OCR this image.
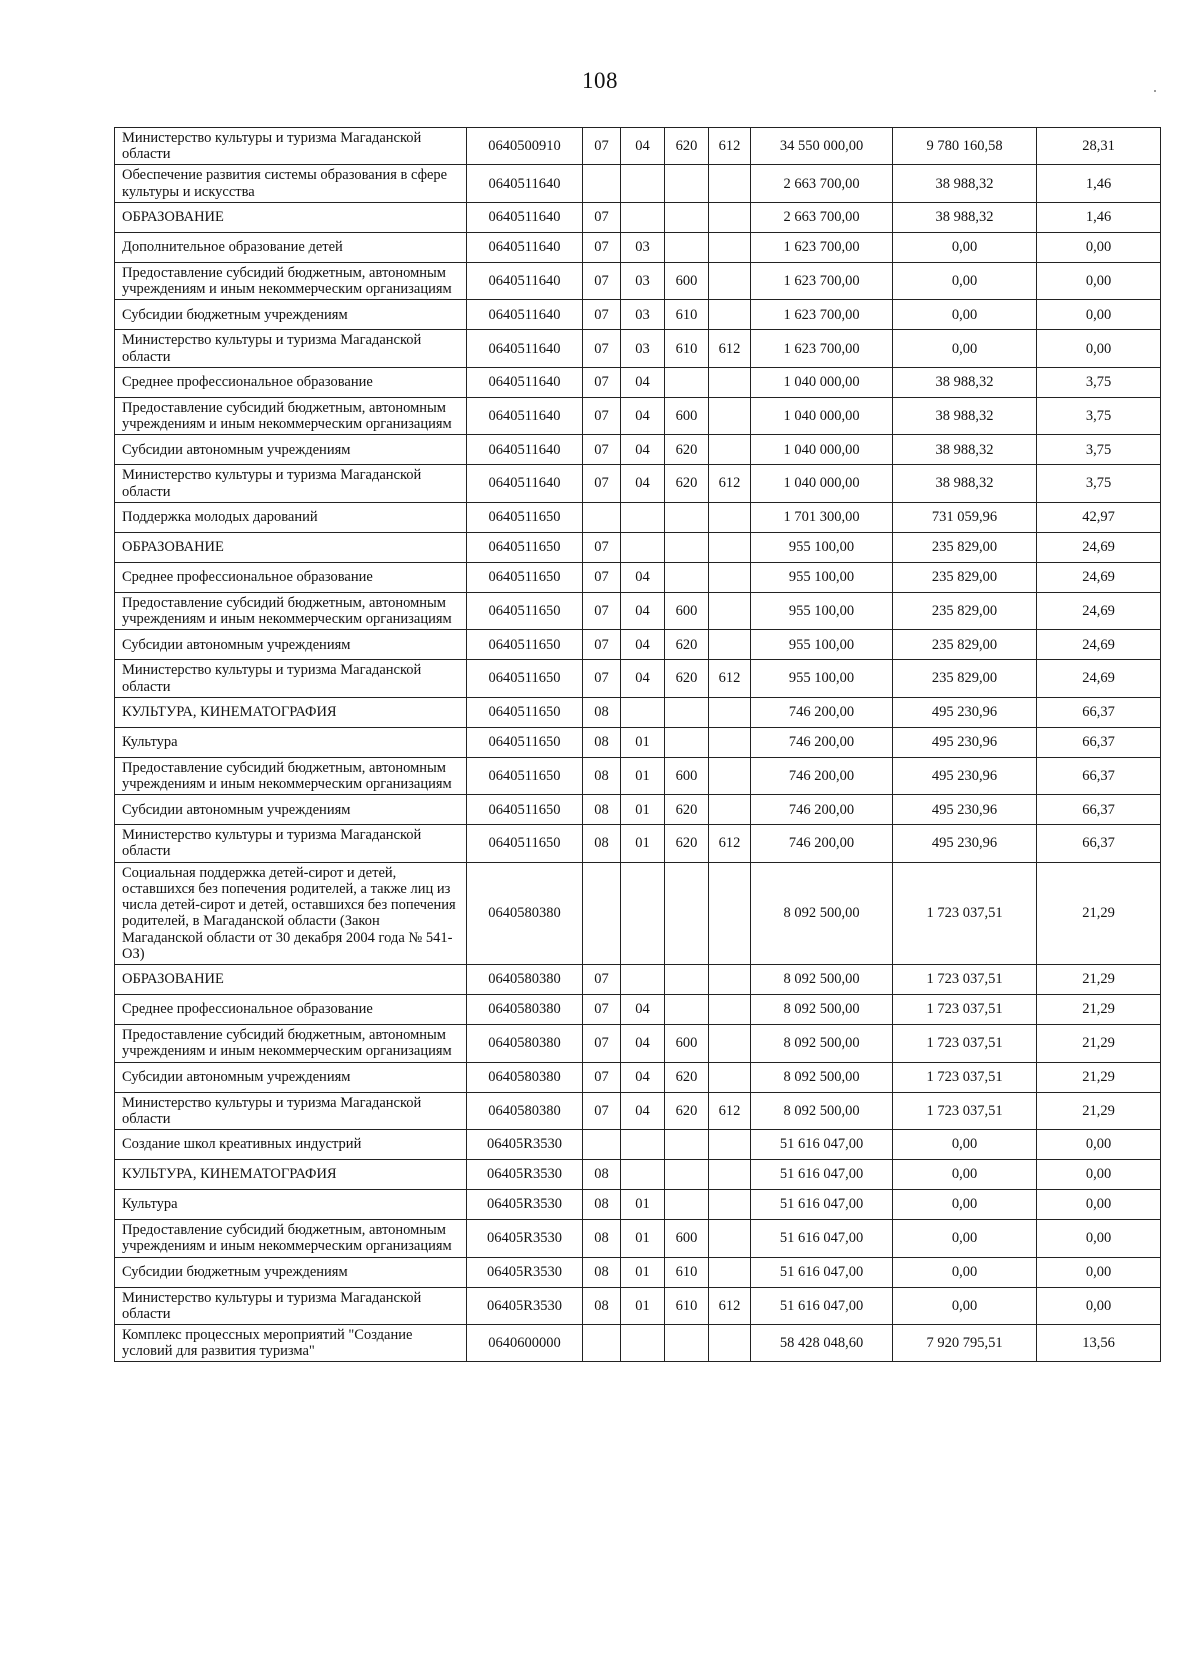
108
Министерство культуры и туризма Магаданской области	0640500910	07	04	620	612	34 550 000,00	9 780 160,58	28,31
Обеспечение развития системы образования в сфере культуры и искусства	0640511640					2 663 700,00	38 988,32	1,46
ОБРАЗОВАНИЕ	0640511640	07				2 663 700,00	38 988,32	1,46
Дополнительное образование детей	0640511640	07	03			1 623 700,00	0,00	0,00
Предоставление субсидий бюджетным, автономным учреждениям и иным некоммерческим организациям	0640511640	07	03	600		1 623 700,00	0,00	0,00
Субсидии бюджетным учреждениям	0640511640	07	03	610		1 623 700,00	0,00	0,00
Министерство культуры и туризма Магаданской области	0640511640	07	03	610	612	1 623 700,00	0,00	0,00
Среднее профессиональное образование	0640511640	07	04			1 040 000,00	38 988,32	3,75
Предоставление субсидий бюджетным, автономным учреждениям и иным некоммерческим организациям	0640511640	07	04	600		1 040 000,00	38 988,32	3,75
Субсидии автономным учреждениям	0640511640	07	04	620		1 040 000,00	38 988,32	3,75
Министерство культуры и туризма Магаданской области	0640511640	07	04	620	612	1 040 000,00	38 988,32	3,75
Поддержка молодых дарований	0640511650					1 701 300,00	731 059,96	42,97
ОБРАЗОВАНИЕ	0640511650	07				955 100,00	235 829,00	24,69
Среднее профессиональное образование	0640511650	07	04			955 100,00	235 829,00	24,69
Предоставление субсидий бюджетным, автономным учреждениям и иным некоммерческим организациям	0640511650	07	04	600		955 100,00	235 829,00	24,69
Субсидии автономным учреждениям	0640511650	07	04	620		955 100,00	235 829,00	24,69
Министерство культуры и туризма Магаданской области	0640511650	07	04	620	612	955 100,00	235 829,00	24,69
КУЛЬТУРА, КИНЕМАТОГРАФИЯ	0640511650	08				746 200,00	495 230,96	66,37
Культура	0640511650	08	01			746 200,00	495 230,96	66,37
Предоставление субсидий бюджетным, автономным учреждениям и иным некоммерческим организациям	0640511650	08	01	600		746 200,00	495 230,96	66,37
Субсидии автономным учреждениям	0640511650	08	01	620		746 200,00	495 230,96	66,37
Министерство культуры и туризма Магаданской области	0640511650	08	01	620	612	746 200,00	495 230,96	66,37
Социальная поддержка детей-сирот и детей, оставшихся без попечения родителей, а также лиц из числа детей-сирот и детей, оставшихся без попечения родителей, в Магаданской области (Закон Магаданской области от 30 декабря 2004 года № 541-ОЗ)	0640580380					8 092 500,00	1 723 037,51	21,29
ОБРАЗОВАНИЕ	0640580380	07				8 092 500,00	1 723 037,51	21,29
Среднее профессиональное образование	0640580380	07	04			8 092 500,00	1 723 037,51	21,29
Предоставление субсидий бюджетным, автономным учреждениям и иным некоммерческим организациям	0640580380	07	04	600		8 092 500,00	1 723 037,51	21,29
Субсидии автономным учреждениям	0640580380	07	04	620		8 092 500,00	1 723 037,51	21,29
Министерство культуры и туризма Магаданской области	0640580380	07	04	620	612	8 092 500,00	1 723 037,51	21,29
Создание школ креативных индустрий	06405R3530					51 616 047,00	0,00	0,00
КУЛЬТУРА, КИНЕМАТОГРАФИЯ	06405R3530	08				51 616 047,00	0,00	0,00
Культура	06405R3530	08	01			51 616 047,00	0,00	0,00
Предоставление субсидий бюджетным, автономным учреждениям и иным некоммерческим организациям	06405R3530	08	01	600		51 616 047,00	0,00	0,00
Субсидии бюджетным учреждениям	06405R3530	08	01	610		51 616 047,00	0,00	0,00
Министерство культуры и туризма Магаданской области	06405R3530	08	01	610	612	51 616 047,00	0,00	0,00
Комплекс процессных мероприятий "Создание условий для развития туризма"	0640600000					58 428 048,60	7 920 795,51	13,56
